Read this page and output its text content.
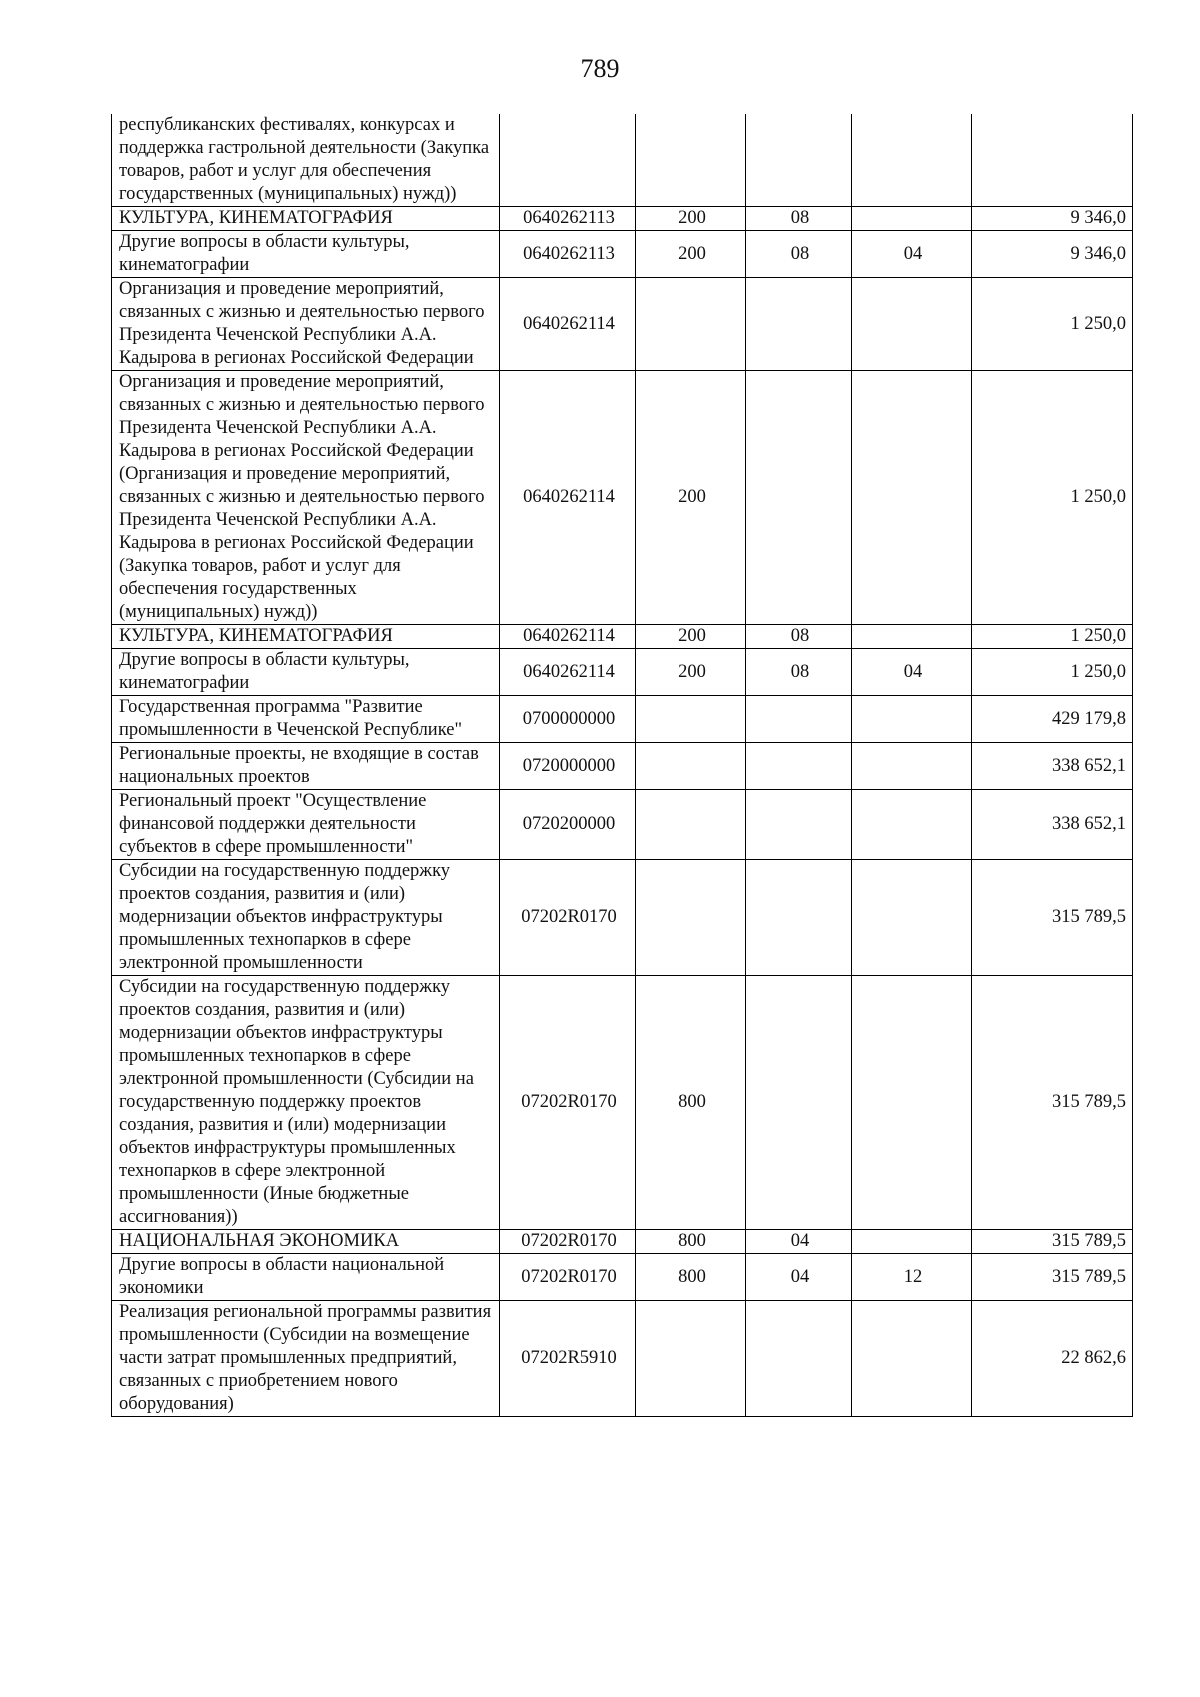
789
республиканских фестивалях, конкурсах и поддержка гастрольной деятельности (Закупка товаров, работ и услуг для обеспечения государственных (муниципальных) нужд))					
КУЛЬТУРА, КИНЕМАТОГРАФИЯ	0640262113	200	08		9 346,0
Другие вопросы в области культуры, кинематографии	0640262113	200	08	04	9 346,0
Организация и проведение мероприятий, связанных с жизнью и деятельностью первого Президента Чеченской Республики А.А. Кадырова в регионах Российской Федерации	0640262114				1 250,0
Организация и проведение мероприятий, связанных с жизнью и деятельностью первого Президента Чеченской Республики А.А. Кадырова в регионах Российской Федерации (Организация и проведение мероприятий, связанных с жизнью и деятельностью первого Президента Чеченской Республики А.А. Кадырова в регионах Российской Федерации (Закупка товаров, работ и услуг для обеспечения государственных (муниципальных) нужд))	0640262114	200			1 250,0
КУЛЬТУРА, КИНЕМАТОГРАФИЯ	0640262114	200	08		1 250,0
Другие вопросы в области культуры, кинематографии	0640262114	200	08	04	1 250,0
Государственная программа "Развитие промышленности в Чеченской Республике"	0700000000				429 179,8
Региональные проекты, не входящие в состав национальных проектов	0720000000				338 652,1
Региональный проект "Осуществление финансовой поддержки деятельности субъектов в сфере промышленности"	0720200000				338 652,1
Субсидии на государственную поддержку проектов создания, развития и (или) модернизации объектов инфраструктуры промышленных технопарков в сфере электронной промышленности	07202R0170				315 789,5
Субсидии на государственную поддержку проектов создания, развития и (или) модернизации объектов инфраструктуры промышленных технопарков в сфере электронной промышленности (Субсидии на государственную поддержку проектов создания, развития и (или) модернизации объектов инфраструктуры промышленных технопарков в сфере электронной промышленности (Иные бюджетные ассигнования))	07202R0170	800			315 789,5
НАЦИОНАЛЬНАЯ ЭКОНОМИКА	07202R0170	800	04		315 789,5
Другие вопросы в области национальной экономики	07202R0170	800	04	12	315 789,5
Реализация региональной программы развития промышленности (Субсидии на возмещение части затрат промышленных предприятий, связанных с приобретением нового оборудования)	07202R5910				22 862,6
